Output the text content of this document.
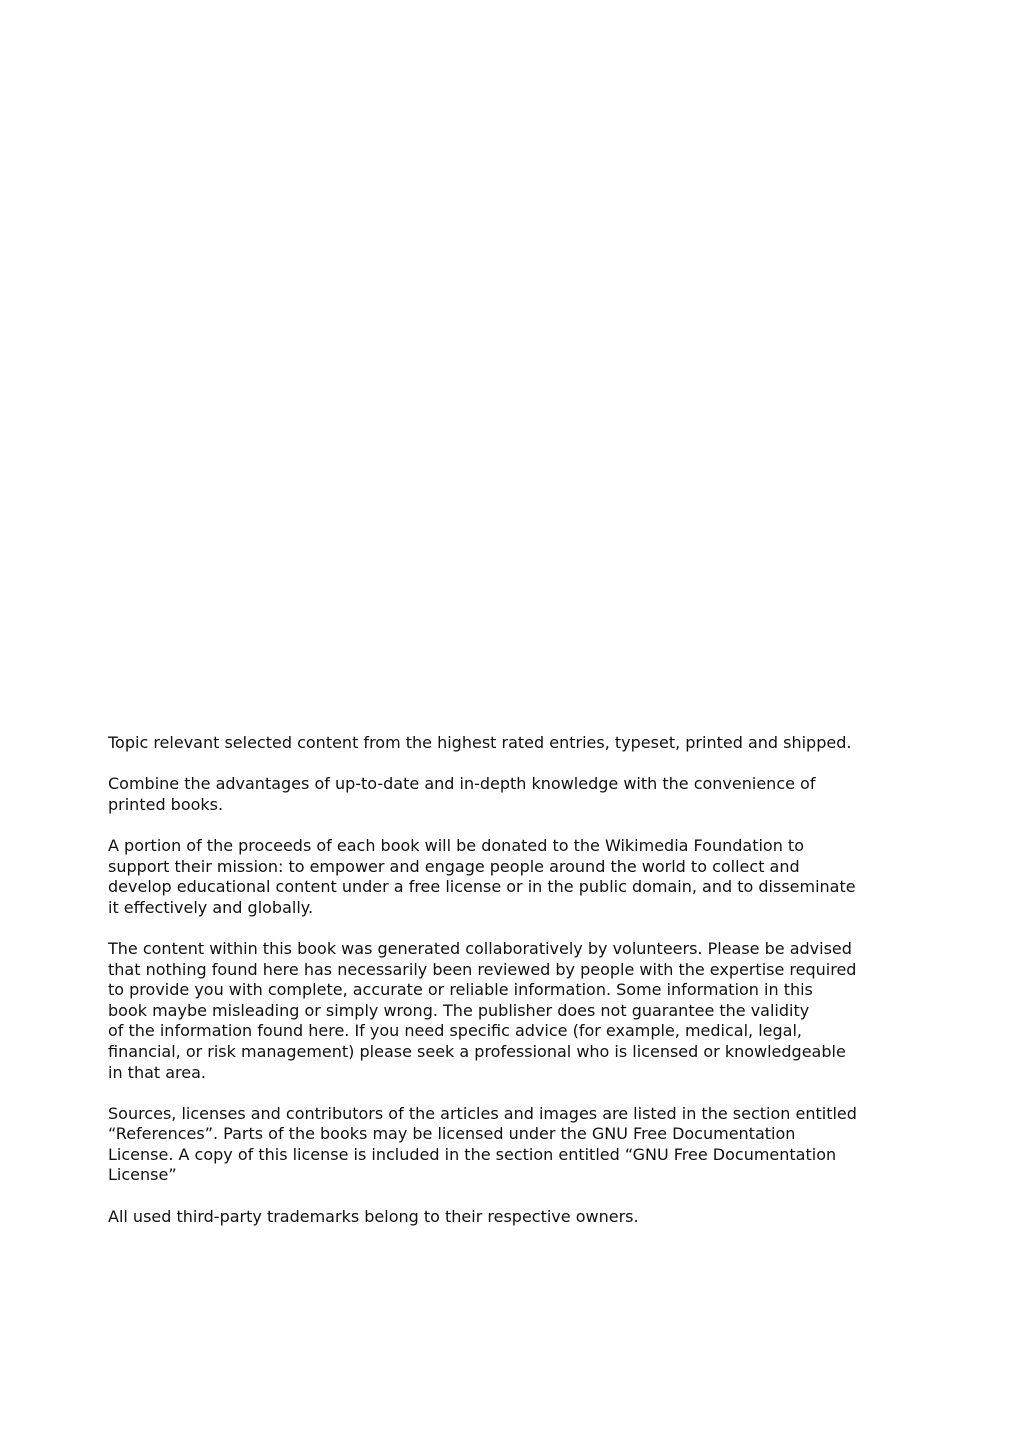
Topic relevant selected content from the highest rated entries, typeset, printed and shipped.

Combine the advantages of up-to-date and in-depth knowledge with the convenience of
printed books.

A portion of the proceeds of each book will be donated to the Wikimedia Foundation to
support their mission: to empower and engage people around the world to collect and
develop educational content under a free license or in the public domain, and to disseminate
it effectively and globally.

The content within this book was generated collaboratively by volunteers. Please be advised
that nothing found here has necessarily been reviewed by people with the expertise required
to provide you with complete, accurate or reliable information. Some information in this
book maybe misleading or simply wrong. The publisher does not guarantee the validity
of the information found here. If you need specific advice (for example, medical, legal,
financial, or risk management) please seek a professional who is licensed or knowledgeable
in that area.

Sources, licenses and contributors of the articles and images are listed in the section entitled
“References”. Parts of the books may be licensed under the GNU Free Documentation
License. A copy of this license is included in the section entitled “GNU Free Documentation
License”

All used third-party trademarks belong to their respective owners.
